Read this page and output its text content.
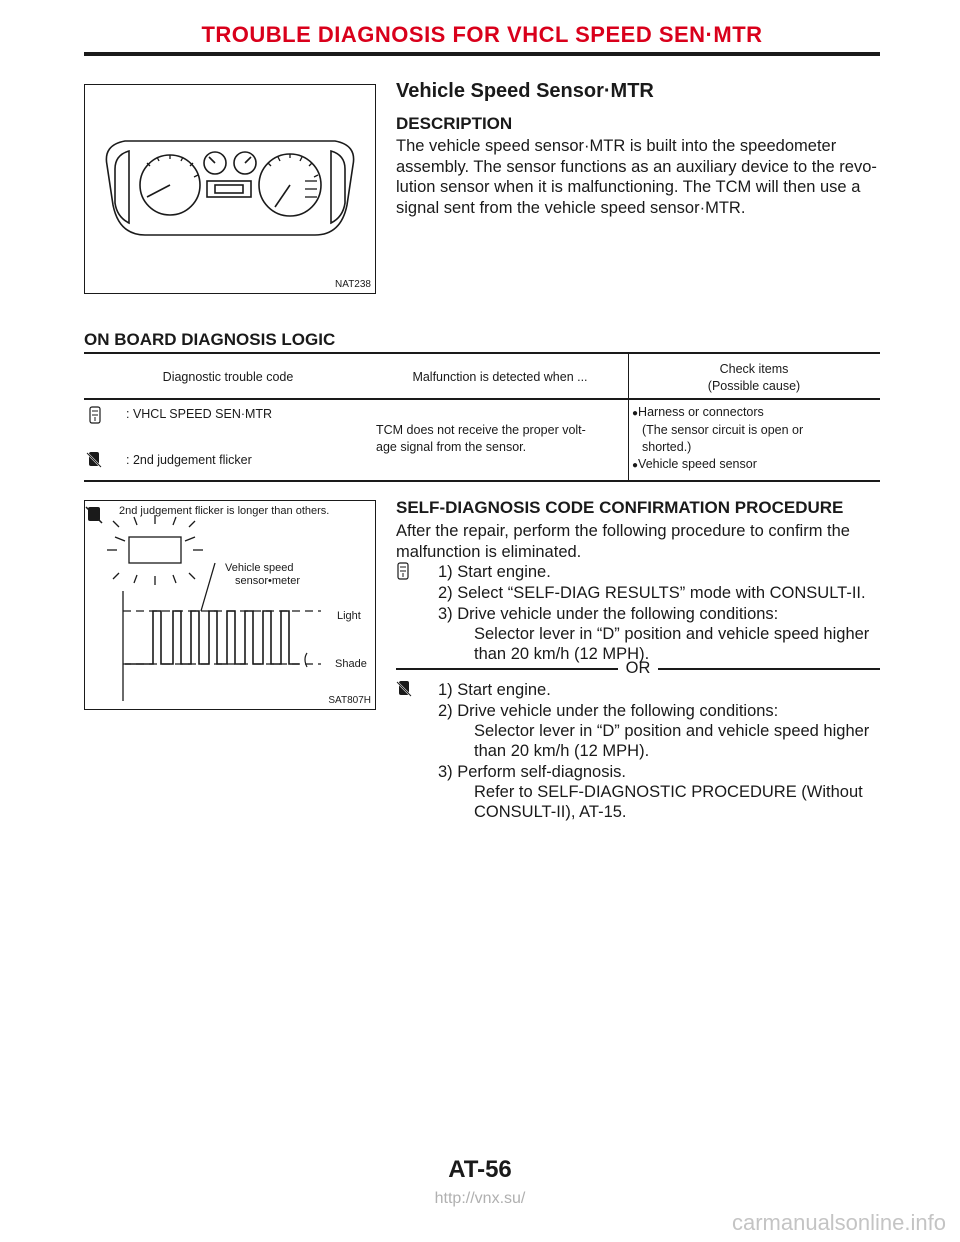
TROUBLE DIAGNOSIS FOR VHCL SPEED SEN·MTR
NAT238
Vehicle Speed Sensor·MTR
DESCRIPTION
The vehicle speed sensor·MTR is built into the speedometer
assembly. The sensor functions as an auxiliary device to the revo-
lution sensor when it is malfunctioning. The TCM will then use a
signal sent from the vehicle speed sensor·MTR.
ON BOARD DIAGNOSIS LOGIC
Diagnostic trouble code	Malfunction is detected when ...
Check items
(Possible cause)
: VHCL SPEED SEN·MTR
: 2nd judgement flicker
TCM does not receive the proper volt-
age signal from the sensor.
●Harness or connectors
(The sensor circuit is open or
shorted.)
●Vehicle speed sensor
2nd judgement flicker is longer than others.
Vehicle speed
sensor•meter
Light
Shade
SAT807H
SELF-DIAGNOSIS CODE CONFIRMATION PROCEDURE
After the repair, perform the following procedure to confirm the
malfunction is eliminated.
1) Start engine.
2) Select “SELF-DIAG RESULTS” mode with CONSULT-II.
3) Drive vehicle under the following conditions:
Selector lever in “D” position and vehicle speed higher
than 20 km/h (12 MPH).
OR
1) Start engine.
2) Drive vehicle under the following conditions:
Selector lever in “D” position and vehicle speed higher
than 20 km/h (12 MPH).
3) Perform self-diagnosis.
Refer to SELF-DIAGNOSTIC PROCEDURE (Without
CONSULT-II), AT-15.
AT-56
http://vnx.su/
carmanualsonline.info
